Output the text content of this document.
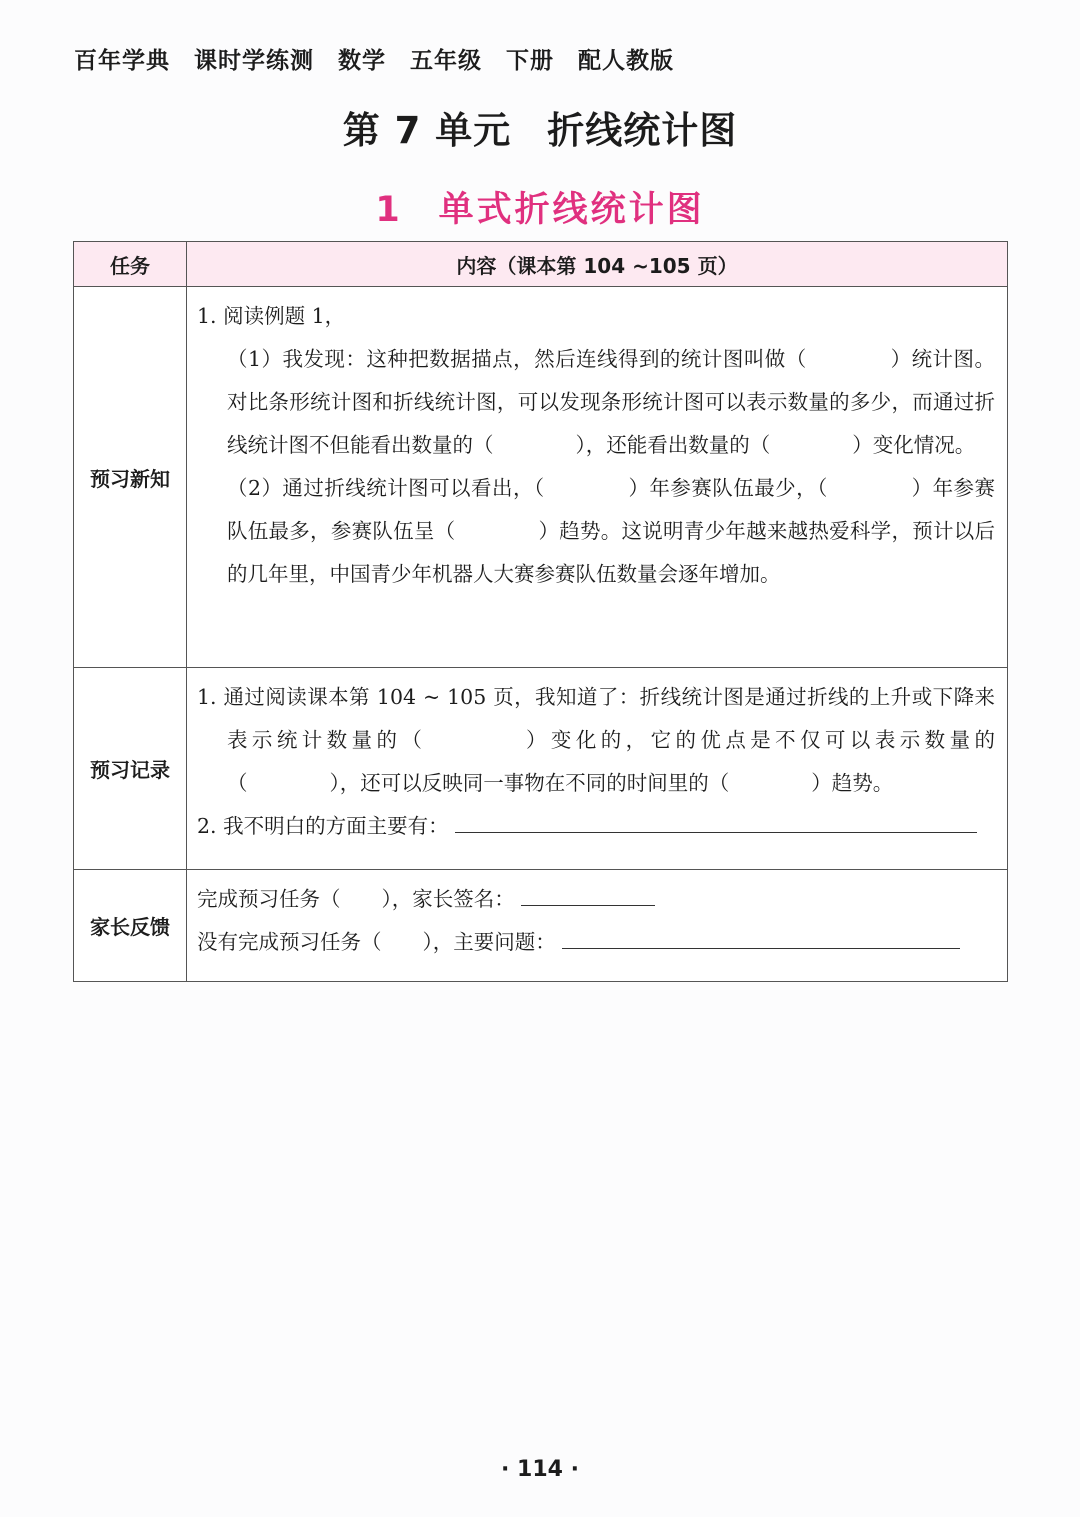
百年学典 课时学练测 数学 五年级 下册 配人教版
第 7 单元 折线统计图
1 单式折线统计图
任务	内容（课本第 104 ~105 页）
预习新知	1. 阅读例题 1，
（1）我发现：这种把数据描点，然后连线得到的统计图叫做（　　　　）统计图。对比条形统计图和折线统计图，可以发现条形统计图可以表示数量的多少，而通过折线统计图不但能看出数量的（　　　　），还能看出数量的（　　　　）变化情况。
（2）通过折线统计图可以看出，（　　　　）年参赛队伍最少，（　　　　）年参赛队伍最多，参赛队伍呈（　　　　）趋势。这说明青少年越来越热爱科学，预计以后的几年里，中国青少年机器人大赛参赛队伍数量会逐年增加。

预习记录	1. 通过阅读课本第 104 ~ 105 页，我知道了：折线统计图是通过折线的上升或下降来表示统计数量的（　　　　）变化的，它的优点是不仅可以表示数量的（　　　　），还可以反映同一事物在不同的时间里的（　　　　）趋势。
2. 我不明白的方面主要有：

家长反馈	完成预习任务（　　），家长签名：
没有完成预习任务（　　），主要问题：
· 114 ·
